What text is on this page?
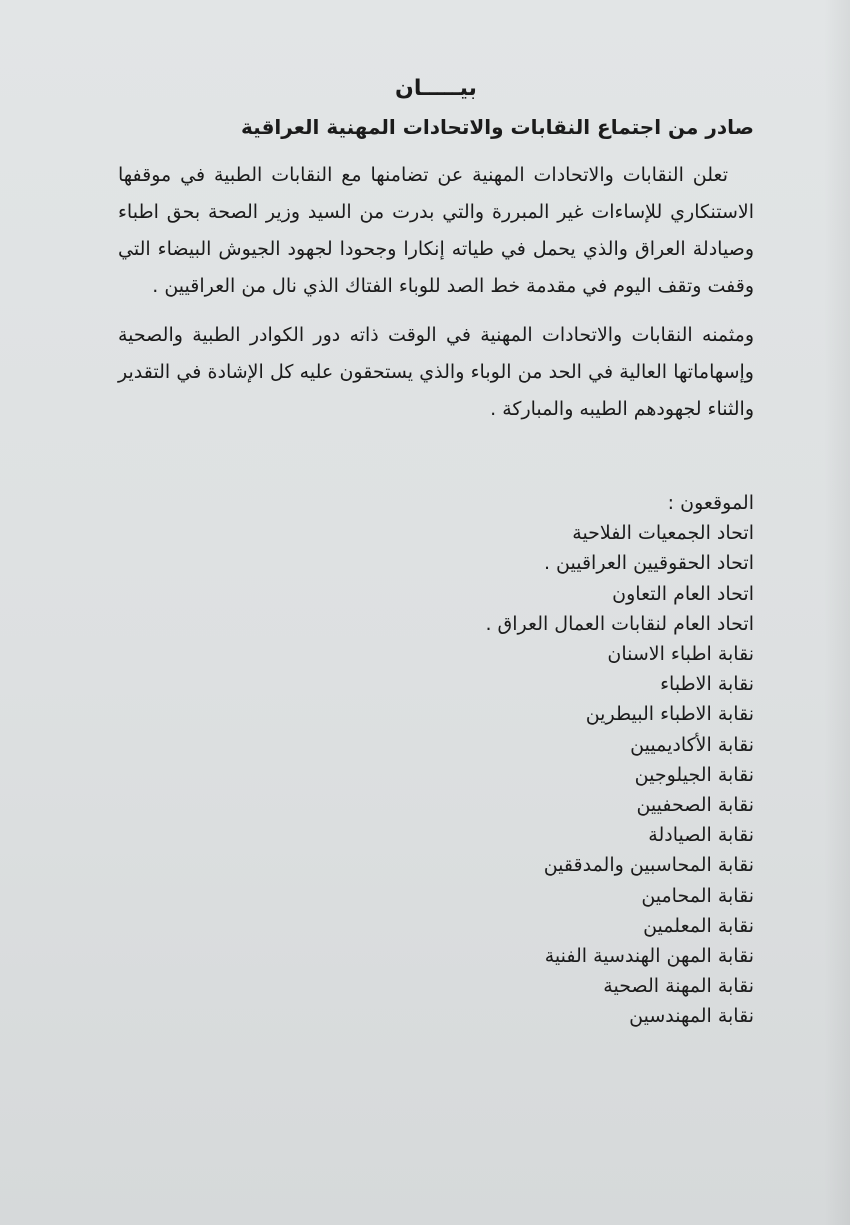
بيـــــان
صادر من اجتماع النقابات والاتحادات المهنية العراقية

تعلن النقابات والاتحادات المهنية عن تضامنها مع النقابات الطبية في موقفها الاستنكاري للإساءات غير المبررة والتي بدرت من السيد وزير الصحة بحق اطباء وصيادلة العراق والذي يحمل في طياته إنكارا وجحودا لجهود الجيوش البيضاء التي وقفت وتقف اليوم في مقدمة خط الصد للوباء الفتاك الذي نال من العراقيين .

ومثمنه النقابات والاتحادات المهنية في الوقت ذاته دور الكوادر الطبية والصحية وإسهاماتها العالية في الحد من الوباء والذي يستحقون عليه كل الإشادة في التقدير والثناء لجهودهم الطيبه والمباركة .

الموقعون :

اتحاد الجمعيات الفلاحية
اتحاد الحقوقيين العراقيين .
اتحاد العام التعاون
اتحاد العام لنقابات العمال العراق .
نقابة اطباء الاسنان
نقابة الاطباء
نقابة الاطباء البيطرين
نقابة الأكاديميين
نقابة الجيلوجين
نقابة الصحفيين
نقابة الصيادلة
نقابة المحاسبين والمدققين
نقابة المحامين
نقابة المعلمين
نقابة المهن الهندسية الفنية
نقابة المهنة الصحية
نقابة المهندسين
